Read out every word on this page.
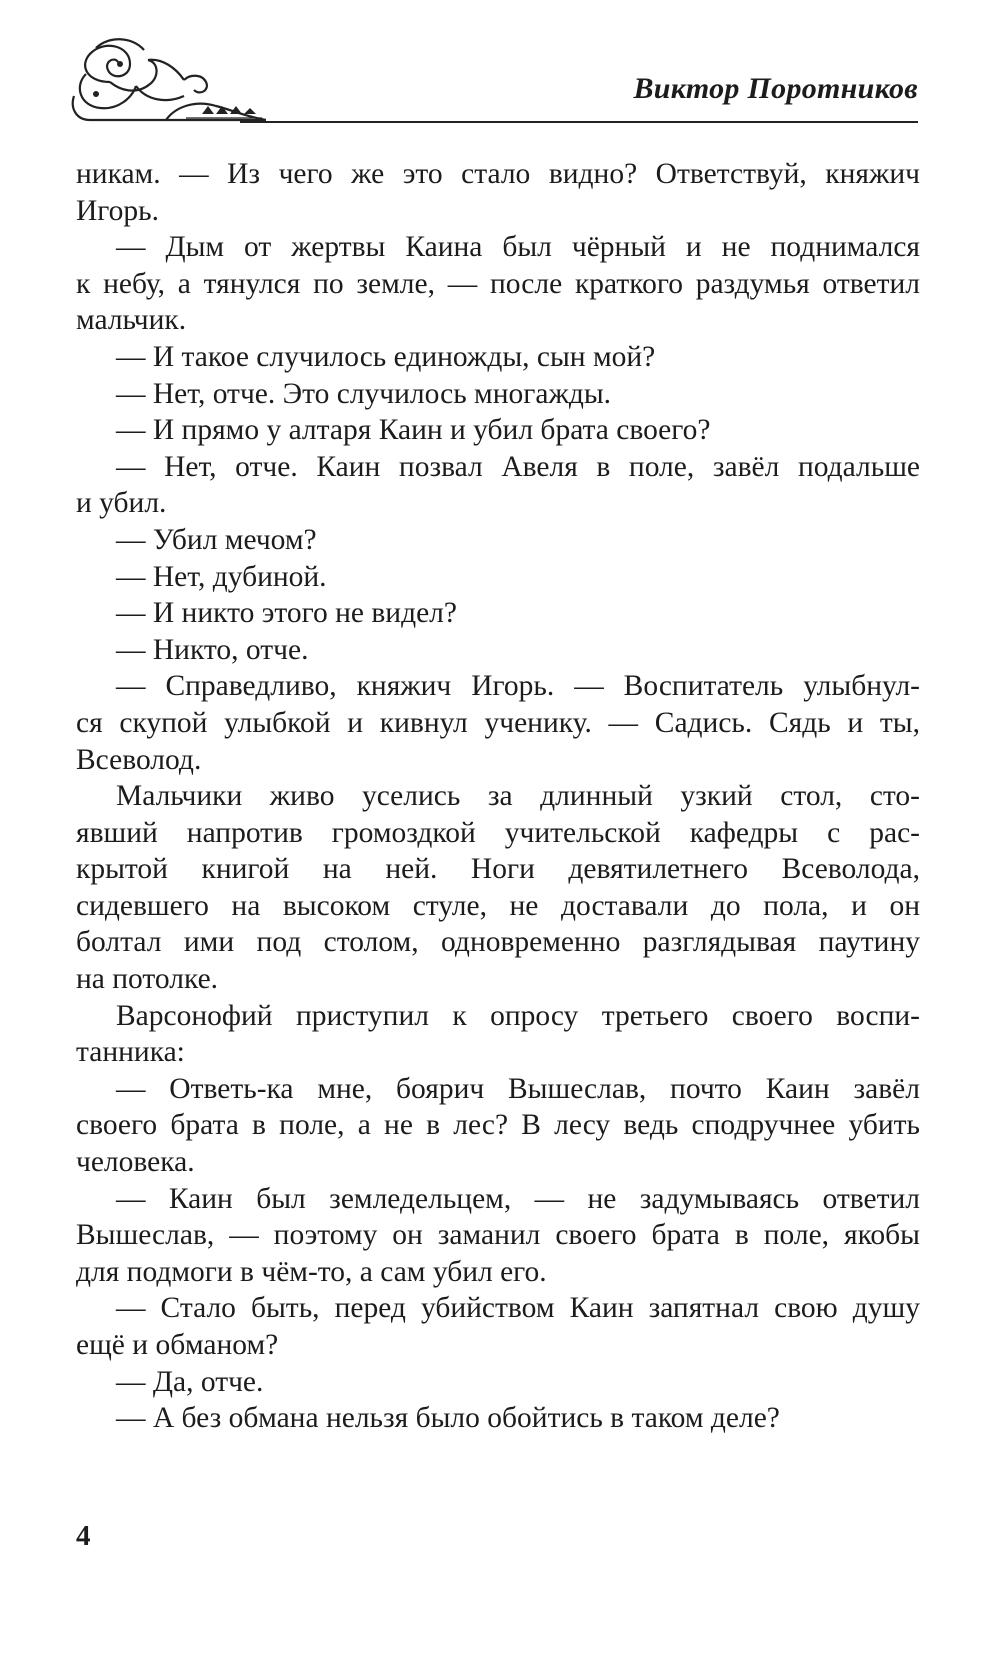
Виктор Поротников
никам. — Из чего же это стало видно? Ответствуй, княжич
Игорь.
— Дым от жертвы Каина был чёрный и не поднимался
к небу, а тянулся по земле, — после краткого раздумья ответил
мальчик.
— И такое случилось единожды, сын мой?
— Нет, отче. Это случилось многажды.
— И прямо у алтаря Каин и убил брата своего?
— Нет, отче. Каин позвал Авеля в поле, завёл подальше
и убил.
— Убил мечом?
— Нет, дубиной.
— И никто этого не видел?
— Никто, отче.
— Справедливо, княжич Игорь. — Воспитатель улыбнул-
ся скупой улыбкой и кивнул ученику. — Садись. Сядь и ты,
Всеволод.
Мальчики живо уселись за длинный узкий стол, сто-
явший напротив громоздкой учительской кафедры с рас-
крытой книгой на ней. Ноги девятилетнего Всеволода,
сидевшего на высоком стуле, не доставали до пола, и он
болтал ими под столом, одновременно разглядывая паутину
на потолке.
Варсонофий приступил к опросу третьего своего воспи-
танника:
— Ответь-ка мне, боярич Вышеслав, почто Каин завёл
своего брата в поле, а не в лес? В лесу ведь сподручнее убить
человека.
— Каин был земледельцем, — не задумываясь ответил
Вышеслав, — поэтому он заманил своего брата в поле, якобы
для подмоги в чём-то, а сам убил его.
— Стало быть, перед убийством Каин запятнал свою душу
ещё и обманом?
— Да, отче.
— А без обмана нельзя было обойтись в таком деле?
4
